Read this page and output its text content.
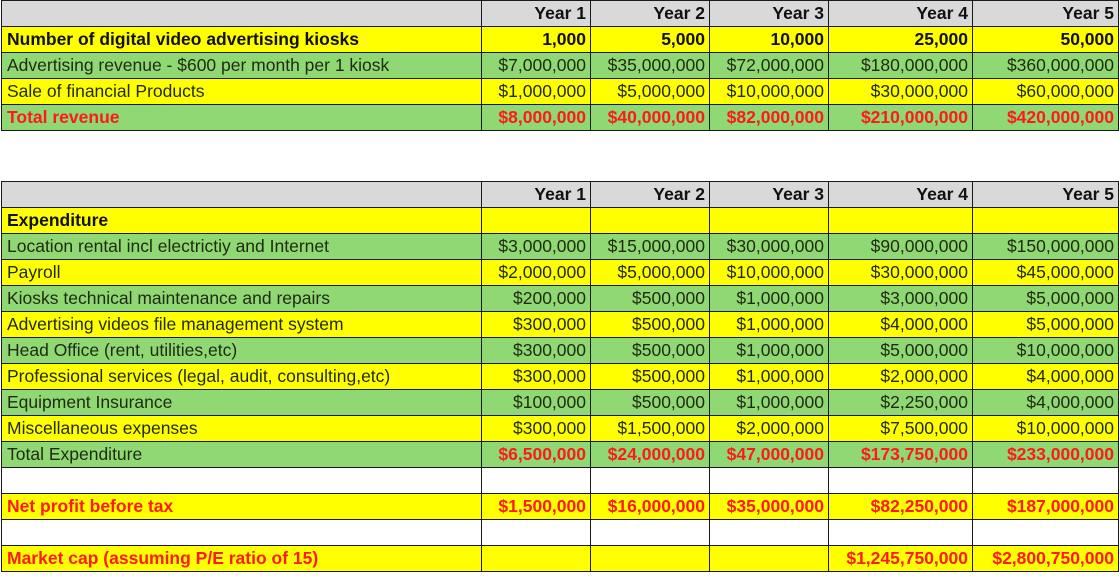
	Year 1	Year 2	Year 3	Year 4	Year 5
Number of digital video advertising kiosks	1,000	5,000	10,000	25,000	50,000
Advertising revenue - $600 per month per 1 kiosk	$7,000,000	$35,000,000	$72,000,000	$180,000,000	$360,000,000
Sale of financial Products	$1,000,000	$5,000,000	$10,000,000	$30,000,000	$60,000,000
Total revenue	$8,000,000	$40,000,000	$82,000,000	$210,000,000	$420,000,000
	Year 1	Year 2	Year 3	Year 4	Year 5
Expenditure					
Location rental incl electrictiy and Internet	$3,000,000	$15,000,000	$30,000,000	$90,000,000	$150,000,000
Payroll	$2,000,000	$5,000,000	$10,000,000	$30,000,000	$45,000,000
Kiosks technical maintenance and repairs	$200,000	$500,000	$1,000,000	$3,000,000	$5,000,000
Advertising videos file management system	$300,000	$500,000	$1,000,000	$4,000,000	$5,000,000
Head Office (rent, utilities,etc)	$300,000	$500,000	$1,000,000	$5,000,000	$10,000,000
Professional services (legal, audit, consulting,etc)	$300,000	$500,000	$1,000,000	$2,000,000	$4,000,000
Equipment Insurance	$100,000	$500,000	$1,000,000	$2,250,000	$4,000,000
Miscellaneous expenses	$300,000	$1,500,000	$2,000,000	$7,500,000	$10,000,000
Total Expenditure	$6,500,000	$24,000,000	$47,000,000	$173,750,000	$233,000,000

Net profit before tax	$1,500,000	$16,000,000	$35,000,000	$82,250,000	$187,000,000

Market cap (assuming P/E ratio of 15)				$1,245,750,000	$2,800,750,000
